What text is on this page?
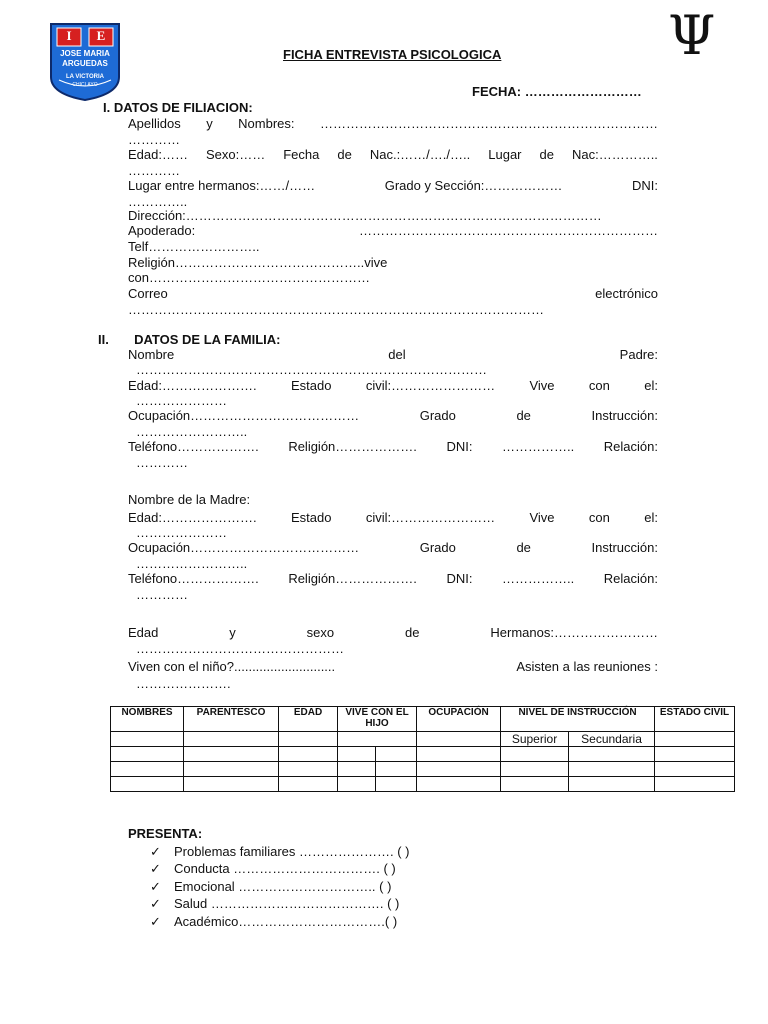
I	E
JOSE MARIA
ARGUEDAS
LA VICTORIA
CHICLAYO
Ψ
FICHA ENTREVISTA PSICOLOGICA
FECHA: ………………………
I. DATOS DE FILIACION:
Apellidos y Nombres: ……………………………………………………………………
…………
Edad:…… Sexo:…… Fecha de Nac.:……/…./….. Lugar de Nac:…………..
…………
Lugar entre hermanos:……/……	Grado y Sección:………………	DNI:
…………..
Dirección:……………………………………………………………………………………
Apoderado:	……………………………………………………………
Telf……………………..
Religión……………………………………..vive
con……………………………………………
Correo	electrónico
……………………………………………………………………………………
II.       DATOS DE LA FAMILIA:
Nombre	del	Padre:
………………………………………………………………………
Edad:………………….	Estado	civil:……………………	Vive	con	el:
…………………
Ocupación…………………………………	Grado	de	Instrucción:
……………………..
Teléfono………………. Religión………………. DNI: …………….. Relación:
…………
Nombre de la Madre:
Edad:………………….	Estado	civil:……………………	Vive	con	el:
…………………
Ocupación…………………………………	Grado	de	Instrucción:
……………………..
Teléfono………………. Religión………………. DNI: …………….. Relación:
…………
Edad	y	sexo	de	Hermanos:……………………
…………………………………………
Viven con el niño?............................	Asisten a las reuniones :
………………….
NOMBRES	PARENTESCO	EDAD	VIVE CON EL HIJO		OCUPACIÓN	NIVEL DE INSTRUCCIÓN		ESTADO CIVIL
						Superior	Secundaria	

PRESENTA:
✓ Problemas familiares …………………. ( )
✓ Conducta ……………………………. ( )
✓ Emocional ………………………….. ( )
✓ Salud …………………………………. ( )
✓ Académico…………………………….( )
